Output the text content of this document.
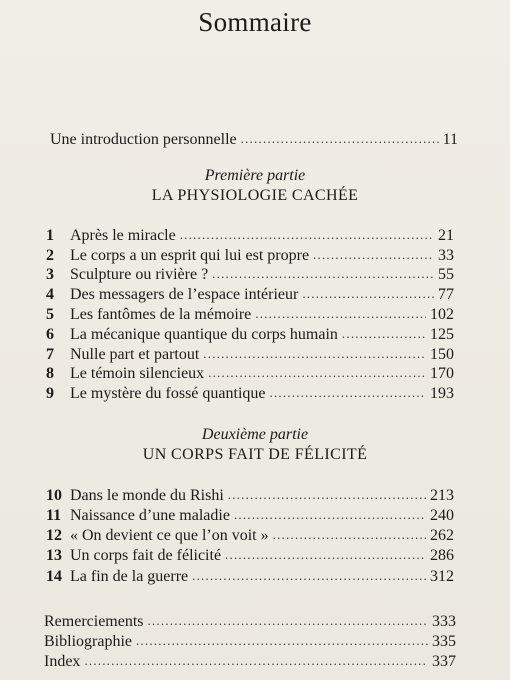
Sommaire
Une introduction personnelle .....	11
Première partie
LA PHYSIOLOGIE CACHÉE
1	Après le miracle .....	21
2	Le corps a un esprit qui lui est propre .....	33
3	Sculpture ou rivière ? .....	55
4	Des messagers de l’espace intérieur .....	77
5	Les fantômes de la mémoire .....	102
6	La mécanique quantique du corps humain .....	125
7	Nulle part et partout .....	150
8	Le témoin silencieux .....	170
9	Le mystère du fossé quantique .....	193
Deuxième partie
UN CORPS FAIT DE FÉLICITÉ
10 Dans le monde du Rishi .....	213
11 Naissance d’une maladie .....	240
12 « On devient ce que l’on voit » .....	262
13 Un corps fait de félicité .....	286
14 La fin de la guerre .....	312
Remerciements .....	333
Bibliographie .....	335
Index .....	337
